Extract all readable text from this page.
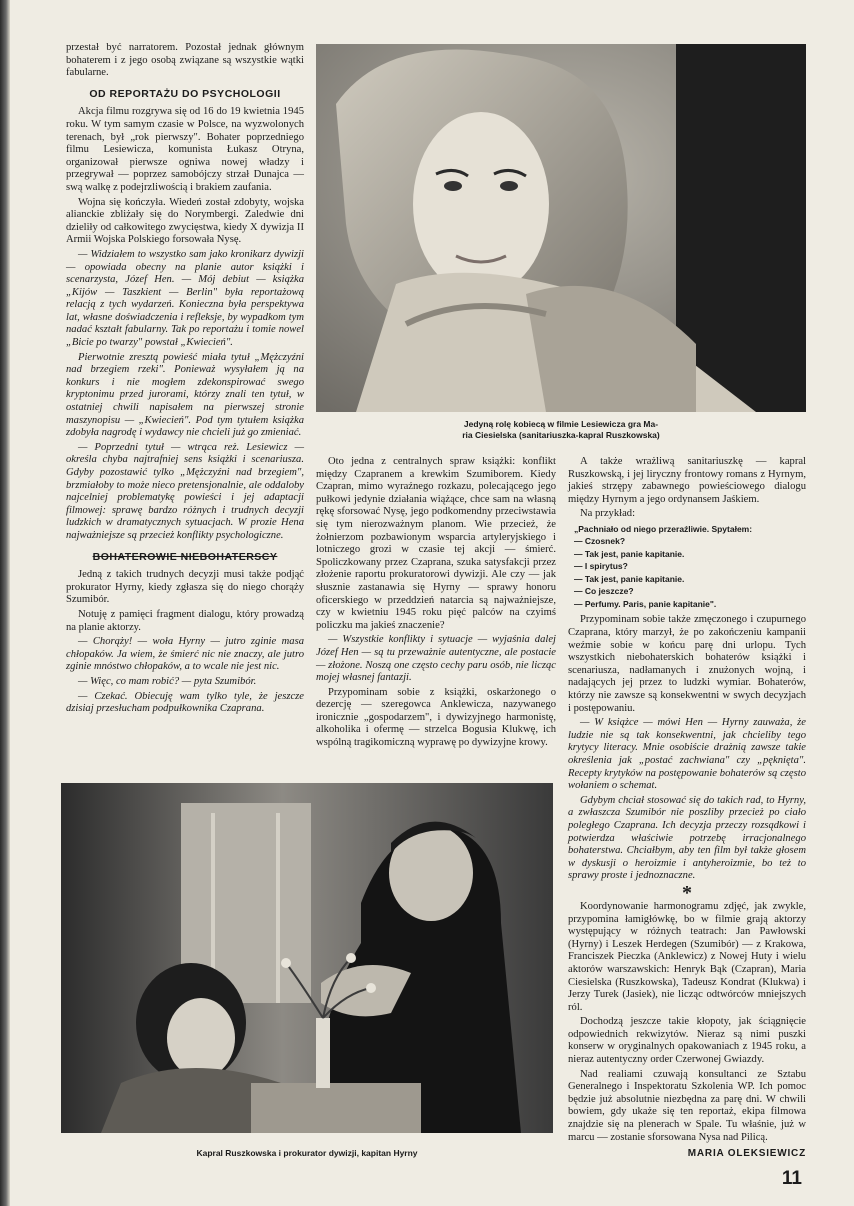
przestał być narratorem. Pozostał jednak głównym bohaterem i z jego osobą związane są wszystkie wątki fabularne.

OD REPORTAŻU DO PSYCHOLOGII

Akcja filmu rozgrywa się od 16 do 19 kwietnia 1945 roku. W tym samym czasie w Polsce, na wyzwolonych terenach, był „rok pierwszy". Bohater poprzedniego filmu Lesiewicza, komunista Łukasz Otryna, organizował pierwsze ogniwa nowej władzy i przegrywał — poprzez samobójczy strzał Dunajca — swą walkę z podejrzliwością i brakiem zaufania.

Wojna się kończyła. Wiedeń został zdobyty, wojska alianckie zbliżały się do Norymbergi. Zaledwie dni dzieliły od całkowitego zwycięstwa, kiedy X dywizja II Armii Wojska Polskiego forsowała Nysę.

— Widziałem to wszystko sam jako kronikarz dywizji — opowiada obecny na planie autor książki i scenarzysta, Józef Hen. — Mój debiut — książka „Kijów — Taszkient — Berlin" była reportażową relacją z tych wydarzeń. Konieczna była perspektywa lat, własne doświadczenia i refleksje, by wypadkom tym nadać kształt fabularny. Tak po reportażu i tomie nowel „Bicie po twarzy" powstał „Kwiecień".

Pierwotnie zresztą powieść miała tytuł „Mężczyźni nad brzegiem rzeki". Ponieważ wysyłałem ją na konkurs i nie mogłem zdekonspirować swego kryptonimu przed jurorami, którzy znali ten tytuł, w ostatniej chwili napisałem na pierwszej stronie maszynopisu — „Kwiecień". Pod tym tytułem książka zdobyła nagrodę i wydawcy nie chcieli już go zmieniać.

— Poprzedni tytuł — wtrąca reż. Lesiewicz — określa chyba najtrafniej sens książki i scenariusza. Gdyby pozostawić tylko „Mężczyźni nad brzegiem", brzmiałoby to może nieco pretensjonalnie, ale oddaloby najcelniej problematykę powieści i jej adaptacji filmowej: sprawę bardzo różnych i trudnych decyzji ludzkich w dramatycznych sytuacjach. W prozie Hena najważniejsze są przecież konflikty psychologiczne.

BOHATEROWIE NIEBOHATERSCY

Jedną z takich trudnych decyzji musi także podjąć prokurator Hyrny, kiedy zgłasza się do niego chorąży Szumibór.

Notuję z pamięci fragment dialogu, który prowadzą na planie aktorzy.

— Chorąży! — woła Hyrny — jutro zginie masa chłopaków. Ja wiem, że śmierć nic nie znaczy, ale jutro zginie mnóstwo chłopaków, a to wcale nie jest nic.

— Więc, co mam robić? — pyta Szumibór.

— Czekać. Obiecuję wam tylko tyle, że jeszcze dzisiaj przesłucham podpułkownika Czaprana.

Jedyną rolę kobiecą w filmie Lesiewicza gra Ma-
ria Ciesielska (sanitariuszka-kapral Ruszkowska)

Oto jedna z centralnych spraw książki: konflikt między Czapranem a krewkim Szumiborem. Kiedy Czapran, mimo wyraźnego rozkazu, polecającego jego pułkowi jedynie działania wiążące, chce sam na własną rękę sforsować Nysę, jego podkomendny przeciwstawia się tym nierozważnym planom. Wie przecież, że żołnierzom pozbawionym wsparcia artyleryjskiego i lotniczego grozi w czasie tej akcji — śmierć. Spoliczkowany przez Czaprana, szuka satysfakcji przez złożenie raportu prokuratorowi dywizji. Ale czy — jak słusznie zastanawia się Hyrny — sprawy honoru oficerskiego w przeddzień natarcia są najważniejsze, czy w kwietniu 1945 roku pięć palców na czyimś policzku ma jakieś znaczenie?

— Wszystkie konflikty i sytuacje — wyjaśnia dalej Józef Hen — są tu przeważnie autentyczne, ale postacie — złożone. Noszą one często cechy paru osób, nie licząc mojej własnej fantazji.

Przypominam sobie z książki, oskarżonego o dezercję — szeregowca Anklewicza, nazywanego ironicznie „gospodarzem", i dywizyjnego harmonistę, alkoholika i ofermę — strzelca Bogusia Klukwę, ich wspólną tragikomiczną wyprawę po dywizyjne krowy.

A także wrażliwą sanitariuszkę — kapral Ruszkowską, i jej liryczny frontowy romans z Hyrnym, jakieś strzępy zabawnego powieściowego dialogu między Hyrnym a jego ordynansem Jaśkiem.

Na przykład:

„Pachniało od niego przeraźliwie. Spytałem:
— Czosnek?
— Tak jest, panie kapitanie.
— I spirytus?
— Tak jest, panie kapitanie.
— Co jeszcze?
— Perfumy. Paris, panie kapitanie".

Przypominam sobie także zmęczonego i czupurnego Czaprana, który marzył, że po zakończeniu kampanii weźmie sobie w końcu parę dni urlopu. Tych wszystkich niebohaterskich bohaterów książki i scenariusza, nadłamanych i znużonych wojną, i nadających jej przez to ludzki wymiar. Bohaterów, którzy nie zawsze są konsekwentni w swych decyzjach i postępowaniu.

— W książce — mówi Hen — Hyrny zauważa, że ludzie nie są tak konsekwentni, jak chcieliby tego krytycy literacy. Mnie osobiście drażnią zawsze takie określenia jak „postać zachwiana" czy „pęknięta". Recepty krytyków na postępowanie bohaterów są często wołaniem o schemat.

Gdybym chciał stosować się do takich rad, to Hyrny, a zwłaszcza Szumibór nie poszliby przecież po ciało poległego Czaprana. Ich decyzja przeczy rozsądkowi i potwierdza właściwie potrzebę irracjonalnego bohaterstwa. Chciałbym, aby ten film był także głosem w dyskusji o heroizmie i antyheroizmie, bo też to sprawy proste i jednoznaczne.

*

Koordynowanie harmonogramu zdjęć, jak zwykle, przypomina łamigłówkę, bo w filmie grają aktorzy występujący w różnych teatrach: Jan Pawłowski (Hyrny) i Leszek Herdegen (Szumibór) — z Krakowa, Franciszek Pieczka (Anklewicz) z Nowej Huty i wielu aktorów warszawskich: Henryk Bąk (Czapran), Maria Ciesielska (Ruszkowska), Tadeusz Kondrat (Klukwa) i Jerzy Turek (Jasiek), nie licząc odtwórców mniejszych ról.

Dochodzą jeszcze takie kłopoty, jak ściągnięcie odpowiednich rekwizytów. Nieraz są nimi puszki konserw w oryginalnych opakowaniach z 1945 roku, a nieraz autentyczny order Czerwonej Gwiazdy.

Nad realiami czuwają konsultanci ze Sztabu Generalnego i Inspektoratu Szkolenia WP. Ich pomoc będzie już absolutnie niezbędna za parę dni. W chwili bowiem, gdy ukaże się ten reportaż, ekipa filmowa znajdzie się na plenerach w Spale. Tu właśnie, już w marcu — zostanie sforsowana Nysa nad Pilicą.

MARIA OLEKSIEWICZ
Kapral Ruszkowska i prokurator dywizji, kapitan Hyrny
11
